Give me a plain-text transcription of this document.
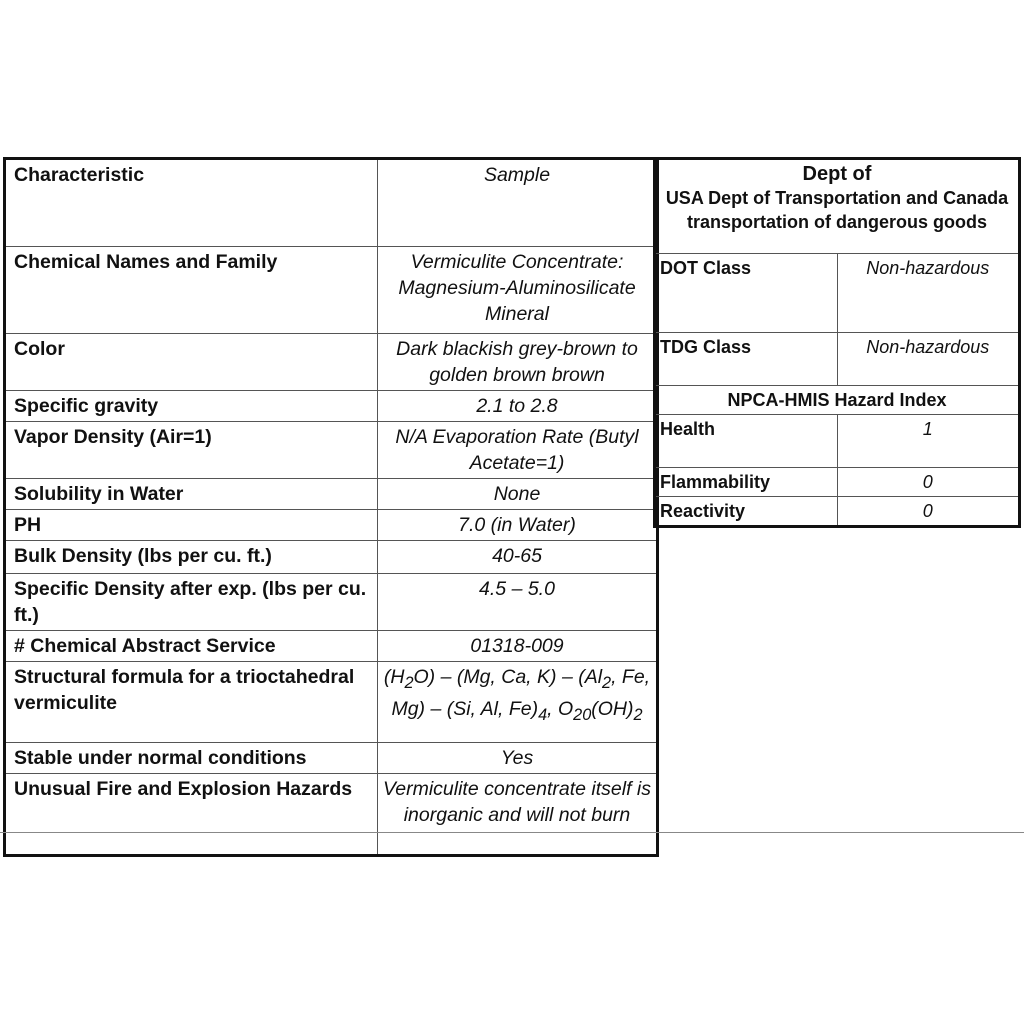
Characteristic	Sample
Chemical Names and Family	Vermiculite Concentrate: Magnesium-Aluminosilicate Mineral
Color	Dark blackish grey-brown to golden brown brown
Specific gravity	2.1 to 2.8
Vapor Density (Air=1)	N/A Evaporation Rate (Butyl Acetate=1)
Solubility in Water	None
PH	7.0 (in Water)
Bulk Density (lbs per cu. ft.)	40-65
Specific Density after exp. (lbs per cu. ft.)	4.5 – 5.0
# Chemical Abstract Service	01318-009
Structural formula for a trioctahedral vermiculite	$(H_2O) - (Mg$, Ca, $K) - (Al_2$, Fe, Mg) – (Si, Al, $Fe)_4$, $O_{20}(OH)_2$
Stable under normal conditions	Yes
Unusual Fire and Explosion Hazards	Vermiculite concentrate itself is inorganic and will not burn
Dept of
USA Dept of Transportation and Canada transportation of dangerous goods	

DOT Class	Non-hazardous
TDG Class	Non-hazardous
NPCA-HMIS Hazard Index	
Health	1
Flammability	0
Reactivity	0
